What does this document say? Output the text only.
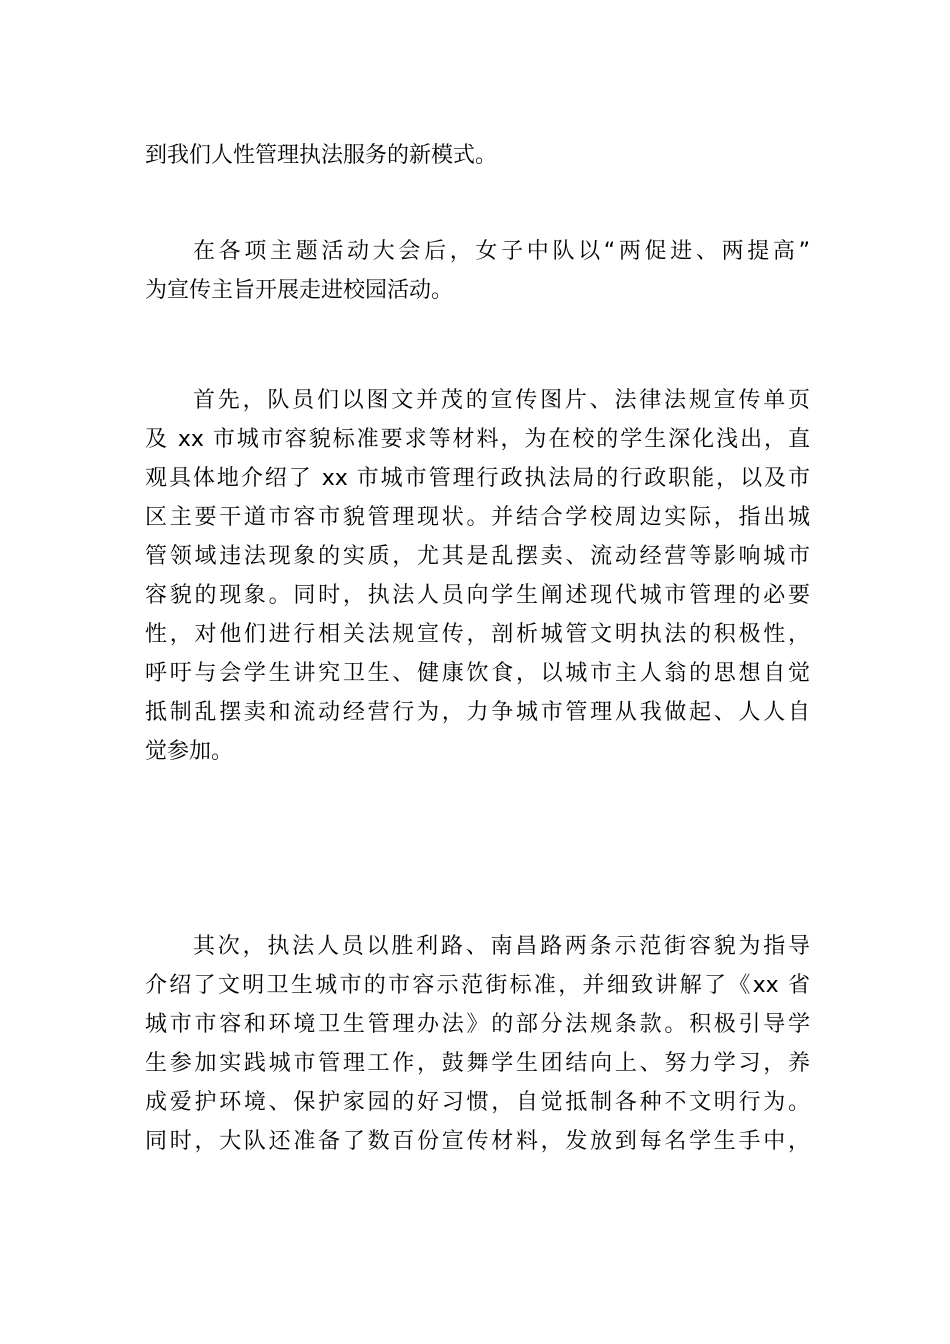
到我们人性管理执法服务的新模式。
在各项主题活动大会后，女子中队以“两促进、两提高”
为宣传主旨开展走进校园活动。
首先，队员们以图文并茂的宣传图片、法律法规宣传单页
及 xx 市城市容貌标准要求等材料，为在校的学生深化浅出，直
观具体地介绍了 xx 市城市管理行政执法局的行政职能，以及市
区主要干道市容市貌管理现状。并结合学校周边实际，指出城
管领域违法现象的实质，尤其是乱摆卖、流动经营等影响城市
容貌的现象。同时，执法人员向学生阐述现代城市管理的必要
性，对他们进行相关法规宣传，剖析城管文明执法的积极性，
呼吁与会学生讲究卫生、健康饮食，以城市主人翁的思想自觉
抵制乱摆卖和流动经营行为，力争城市管理从我做起、人人自
觉参加。
其次，执法人员以胜利路、南昌路两条示范街容貌为指导
介绍了文明卫生城市的市容示范街标准，并细致讲解了《xx 省
城市市容和环境卫生管理办法》的部分法规条款。积极引导学
生参加实践城市管理工作，鼓舞学生团结向上、努力学习，养
成爱护环境、保护家园的好习惯，自觉抵制各种不文明行为。
同时，大队还准备了数百份宣传材料，发放到每名学生手中，
